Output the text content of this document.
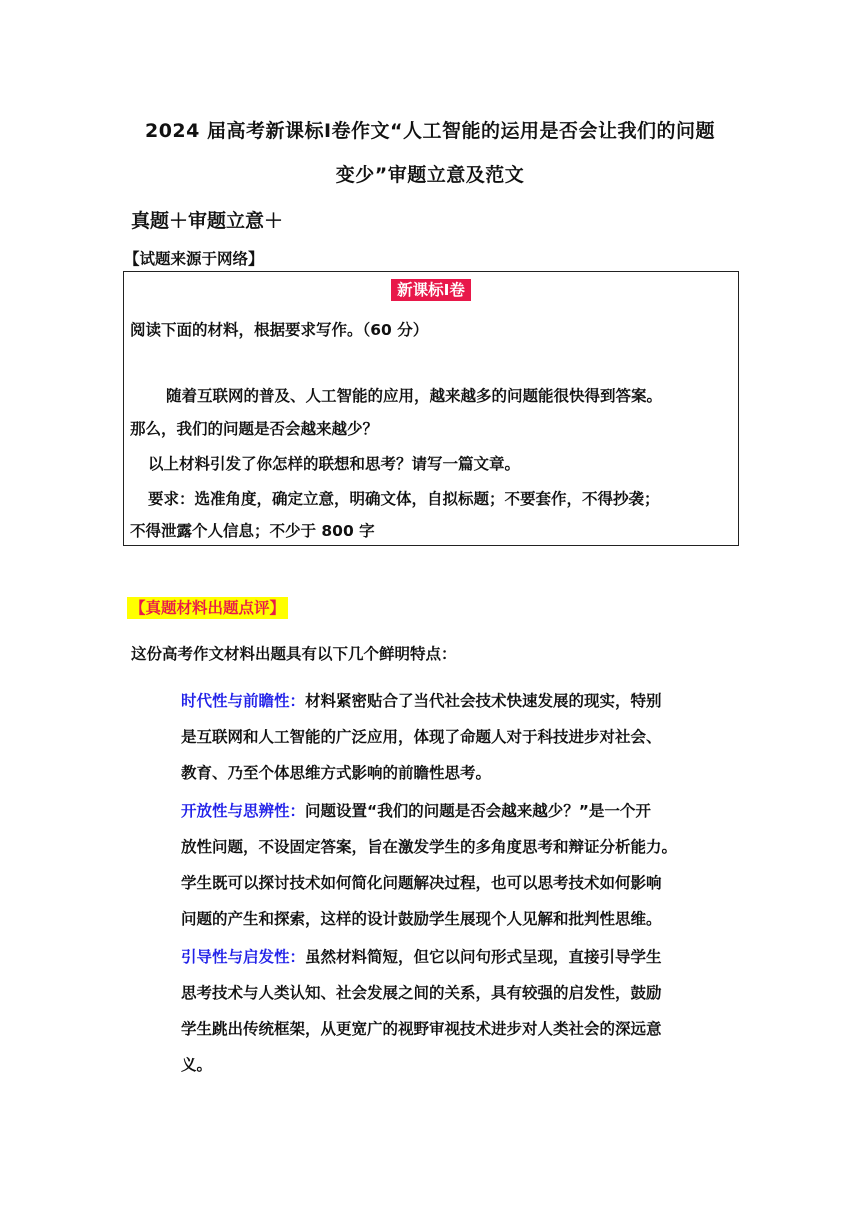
2024 届高考新课标Ⅰ卷作文“人工智能的运用是否会让我们的问题
变少”审题立意及范文
真题＋审题立意＋
【试题来源于网络】
新课标Ⅰ卷
阅读下面的材料，根据要求写作。（60 分）
随着互联网的普及、人工智能的应用，越来越多的问题能很快得到答案。
那么，我们的问题是否会越来越少？
以上材料引发了你怎样的联想和思考？请写一篇文章。
要求：选准角度，确定立意，明确文体，自拟标题；不要套作，不得抄袭；
不得泄露个人信息；不少于 800 字
【真题材料出题点评】
这份高考作文材料出题具有以下几个鲜明特点：
时代性与前瞻性：材料紧密贴合了当代社会技术快速发展的现实，特别
是互联网和人工智能的广泛应用，体现了命题人对于科技进步对社会、
教育、乃至个体思维方式影响的前瞻性思考。
开放性与思辨性：问题设置“我们的问题是否会越来越少？”是一个开
放性问题，不设固定答案，旨在激发学生的多角度思考和辩证分析能力。
学生既可以探讨技术如何简化问题解决过程，也可以思考技术如何影响
问题的产生和探索，这样的设计鼓励学生展现个人见解和批判性思维。
引导性与启发性：虽然材料简短，但它以问句形式呈现，直接引导学生
思考技术与人类认知、社会发展之间的关系，具有较强的启发性，鼓励
学生跳出传统框架，从更宽广的视野审视技术进步对人类社会的深远意
义。
